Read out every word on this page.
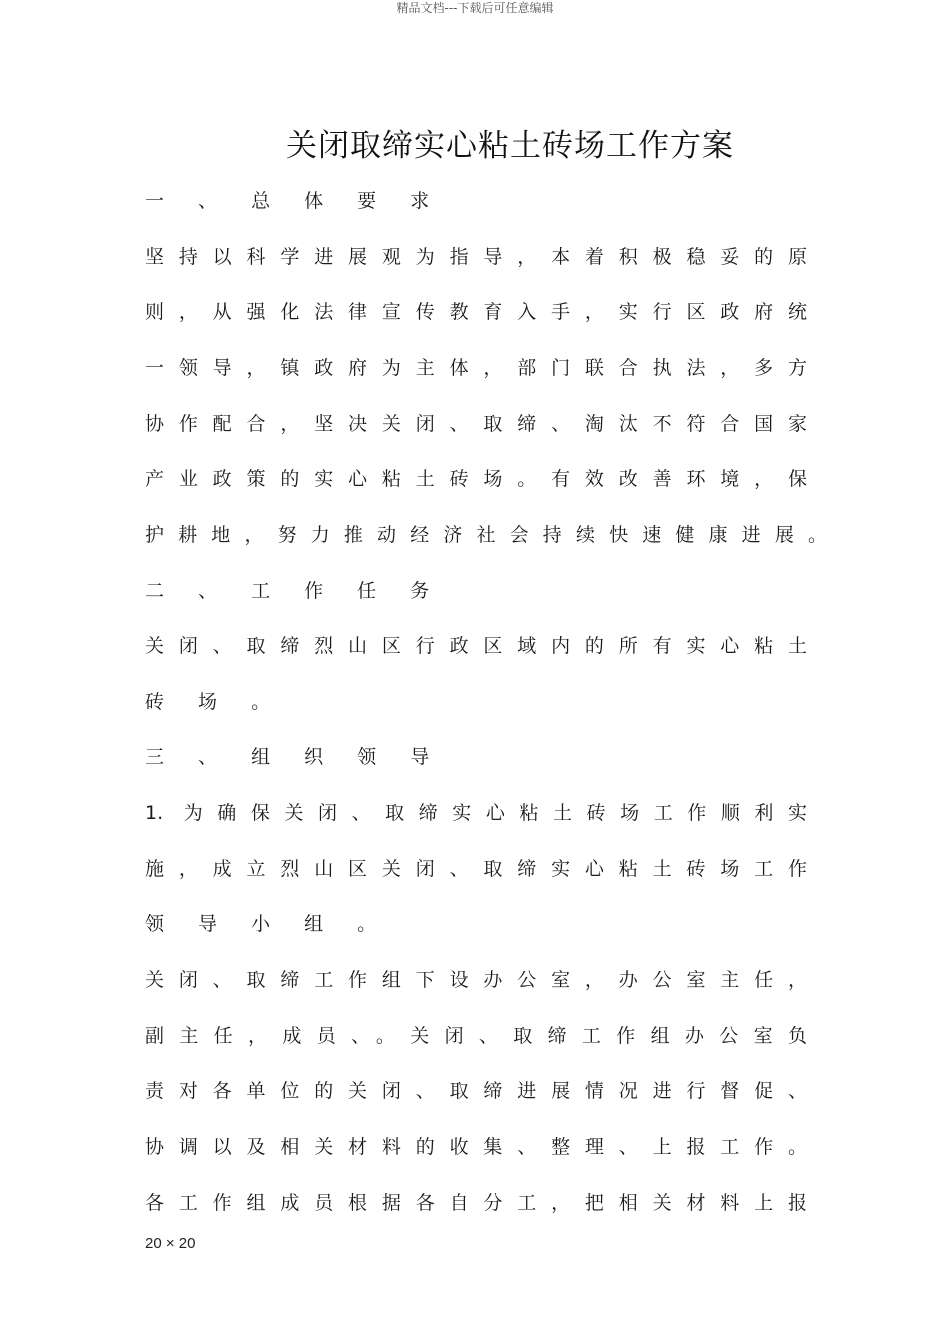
精品文档---下载后可任意编辑
关闭取缔实心粘土砖场工作方案
一 、 总 体 要 求
坚持以科学进展观为指导，本着积极稳妥的原
则，从强化法律宣传教育入手，实行区政府统
一领导，镇政府为主体，部门联合执法，多方
协作配合，坚决关闭、取缔、淘汰不符合国家
产业政策的实心粘土砖场。有效改善环境，保
护耕地，努力推动经济社会持续快速健康进展。
二 、 工 作 任 务
关闭、取缔烈山区行政区域内的所有实心粘土
砖 场 。
三 、 组 织 领 导
1. 为确保关闭、取缔实心粘土砖场工作顺利实
施，成立烈山区关闭、取缔实心粘土砖场工作
领 导 小 组 。
关闭、取缔工作组下设办公室，办公室主任，
副主任，成员、。关闭、取缔工作组办公室负
责对各单位的关闭、取缔进展情况进行督促、
协调以及相关材料的收集、整理、上报工作。
各工作组成员根据各自分工，把相关材料上报
20 × 20
